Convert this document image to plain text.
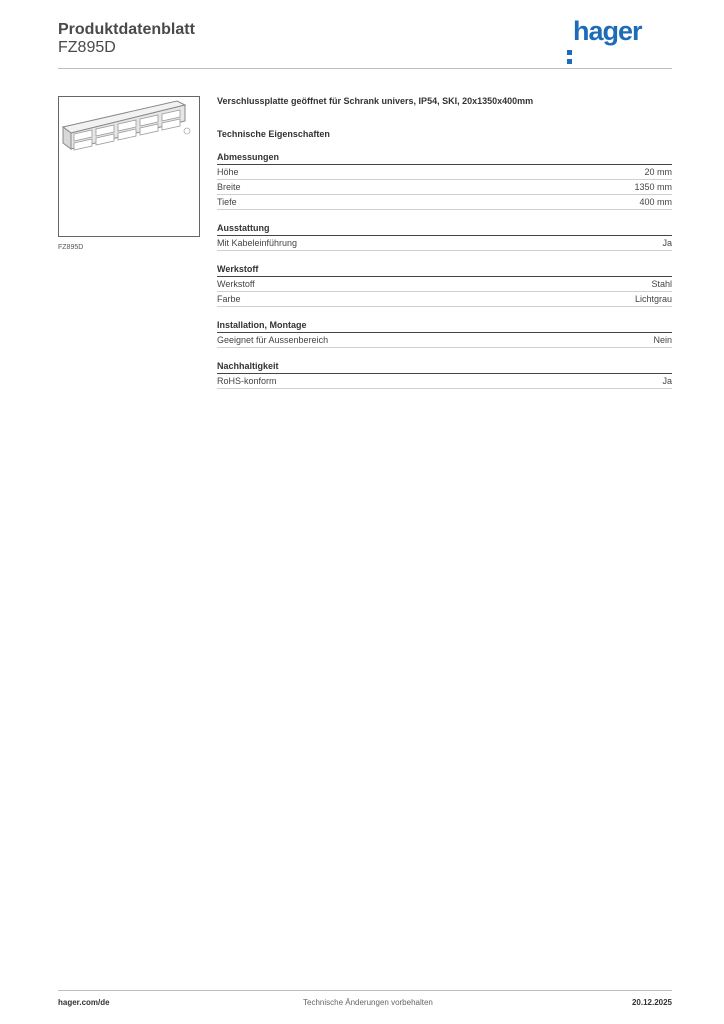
Produktdatenblatt
FZ895D
hager
FZ895D
Verschlussplatte geöffnet für Schrank univers, IP54, SKI, 20x1350x400mm
Technische Eigenschaften
Abmessungen
Höhe	20 mm
Breite	1350 mm
Tiefe	400 mm
Ausstattung
Mit Kabeleinführung	Ja
Werkstoff
Werkstoff	Stahl
Farbe	Lichtgrau
Installation, Montage
Geeignet für Aussenbereich	Nein
Nachhaltigkeit
RoHS-konform	Ja
hager.com/de	Technische Änderungen vorbehalten	20.12.2025
